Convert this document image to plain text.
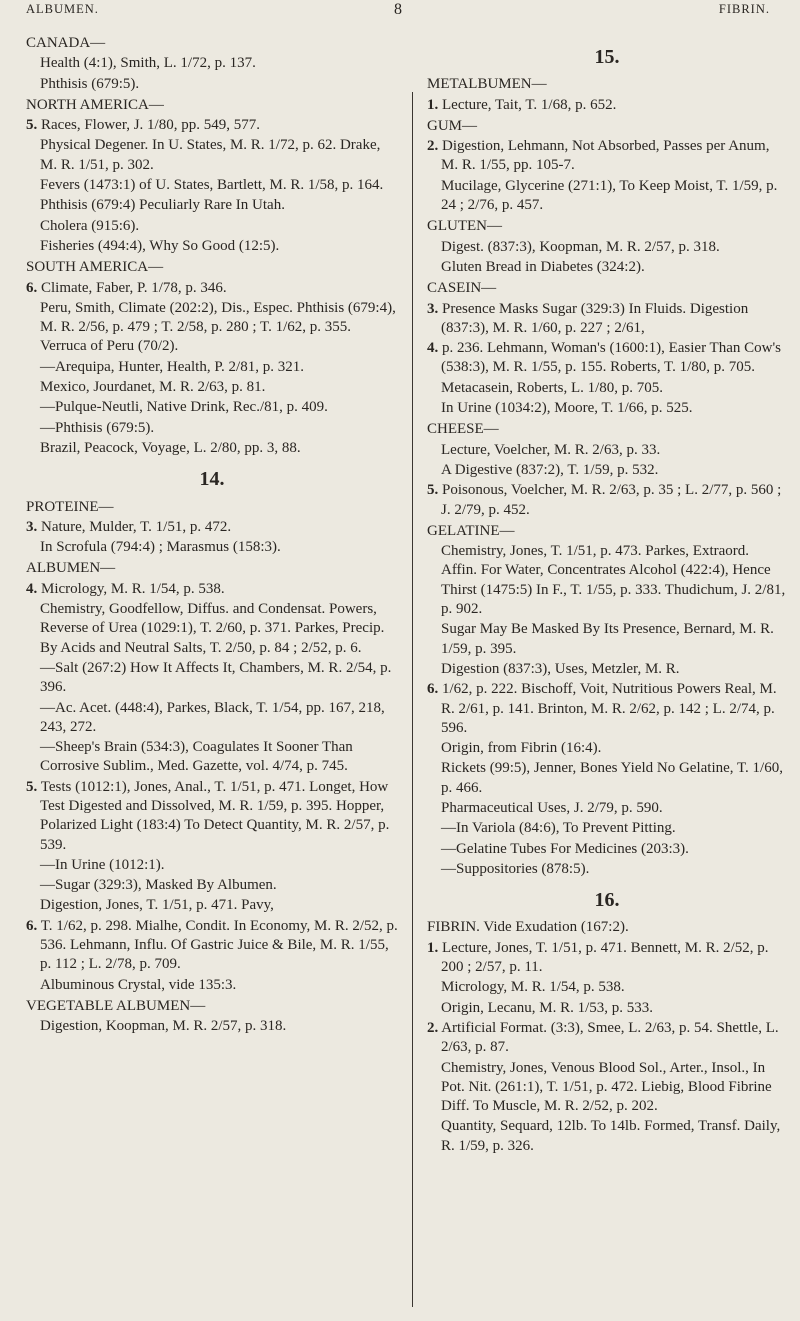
ALBUMEN.	8	FIBRIN.
CANADA—
Health (4:1), Smith, L. 1/72, p. 137.
Phthisis (679:5).
NORTH AMERICA—
5. Races, Flower, J. 1/80, pp. 549, 577.
Physical Degener. In U. States, M. R. 1/72, p. 62. Drake, M. R. 1/51, p. 302.
Fevers (1473:1) of U. States, Bartlett, M. R. 1/58, p. 164.
Phthisis (679:4) Peculiarly Rare In Utah.
Cholera (915:6).
Fisheries (494:4), Why So Good (12:5).
SOUTH AMERICA—
6. Climate, Faber, P. 1/78, p. 346.
Peru, Smith, Climate (202:2), Dis., Espec. Phthisis (679:4), M. R. 2/56, p. 479 ; T. 2/58, p. 280 ; T. 1/62, p. 355. Verruca of Peru (70/2).
—Arequipa, Hunter, Health, P. 2/81, p. 321.
Mexico, Jourdanet, M. R. 2/63, p. 81.
—Pulque-Neutli, Native Drink, Rec./81, p. 409.
—Phthisis (679:5).
Brazil, Peacock, Voyage, L. 2/80, pp. 3, 88.
14.
PROTEINE—
3. Nature, Mulder, T. 1/51, p. 472.
In Scrofula (794:4) ; Marasmus (158:3).
ALBUMEN—
4. Micrology, M. R. 1/54, p. 538.
Chemistry, Goodfellow, Diffus. and Condensat. Powers, Reverse of Urea (1029:1), T. 2/60, p. 371. Parkes, Precip. By Acids and Neutral Salts, T. 2/50, p. 84 ; 2/52, p. 6.
—Salt (267:2) How It Affects It, Chambers, M. R. 2/54, p. 396.
—Ac. Acet. (448:4), Parkes, Black, T. 1/54, pp. 167, 218, 243, 272.
—Sheep's Brain (534:3), Coagulates It Sooner Than Corrosive Sublim., Med. Gazette, vol. 4/74, p. 745.
5. Tests (1012:1), Jones, Anal., T. 1/51, p. 471. Longet, How Test Digested and Dissolved, M. R. 1/59, p. 395. Hopper, Polarized Light (183:4) To Detect Quantity, M. R. 2/57, p. 539.
—In Urine (1012:1).
—Sugar (329:3), Masked By Albumen.
Digestion, Jones, T. 1/51, p. 471. Pavy,
6. T. 1/62, p. 298. Mialhe, Condit. In Economy, M. R. 2/52, p. 536. Lehmann, Influ. Of Gastric Juice & Bile, M. R. 1/55, p. 112 ; L. 2/78, p. 709.
Albuminous Crystal, vide 135:3.
VEGETABLE ALBUMEN—
Digestion, Koopman, M. R. 2/57, p. 318.
15.
METALBUMEN—
1. Lecture, Tait, T. 1/68, p. 652.
GUM—
2. Digestion, Lehmann, Not Absorbed, Passes per Anum, M. R. 1/55, pp. 105-7.
Mucilage, Glycerine (271:1), To Keep Moist, T. 1/59, p. 24 ; 2/76, p. 457.
GLUTEN—
Digest. (837:3), Koopman, M. R. 2/57, p. 318.
Gluten Bread in Diabetes (324:2).
CASEIN—
3. Presence Masks Sugar (329:3) In Fluids. Digestion (837:3), M. R. 1/60, p. 227 ; 2/61,
4. p. 236. Lehmann, Woman's (1600:1), Easier Than Cow's (538:3), M. R. 1/55, p. 155. Roberts, T. 1/80, p. 705.
Metacasein, Roberts, L. 1/80, p. 705.
In Urine (1034:2), Moore, T. 1/66, p. 525.
CHEESE—
Lecture, Voelcher, M. R. 2/63, p. 33.
A Digestive (837:2), T. 1/59, p. 532.
5. Poisonous, Voelcher, M. R. 2/63, p. 35 ; L. 2/77, p. 560 ; J. 2/79, p. 452.
GELATINE—
Chemistry, Jones, T. 1/51, p. 473. Parkes, Extraord. Affin. For Water, Concentrates Alcohol (422:4), Hence Thirst (1475:5) In F., T. 1/55, p. 333. Thudichum, J. 2/81, p. 902.
Sugar May Be Masked By Its Presence, Bernard, M. R. 1/59, p. 395.
Digestion (837:3), Uses, Metzler, M. R.
6. 1/62, p. 222. Bischoff, Voit, Nutritious Powers Real, M. R. 2/61, p. 141. Brinton, M. R. 2/62, p. 142 ; L. 2/74, p. 596.
Origin, from Fibrin (16:4).
Rickets (99:5), Jenner, Bones Yield No Gelatine, T. 1/60, p. 466.
Pharmaceutical Uses, J. 2/79, p. 590.
—In Variola (84:6), To Prevent Pitting.
—Gelatine Tubes For Medicines (203:3).
—Suppositories (878:5).
16.
FIBRIN. Vide Exudation (167:2).
1. Lecture, Jones, T. 1/51, p. 471. Bennett, M. R. 2/52, p. 200 ; 2/57, p. 11.
Micrology, M. R. 1/54, p. 538.
Origin, Lecanu, M. R. 1/53, p. 533.
2. Artificial Format. (3:3), Smee, L. 2/63, p. 54. Shettle, L. 2/63, p. 87.
Chemistry, Jones, Venous Blood Sol., Arter., Insol., In Pot. Nit. (261:1), T. 1/51, p. 472. Liebig, Blood Fibrine Diff. To Muscle, M. R. 2/52, p. 202.
Quantity, Sequard, 12lb. To 14lb. Formed, Transf. Daily, R. 1/59, p. 326.
